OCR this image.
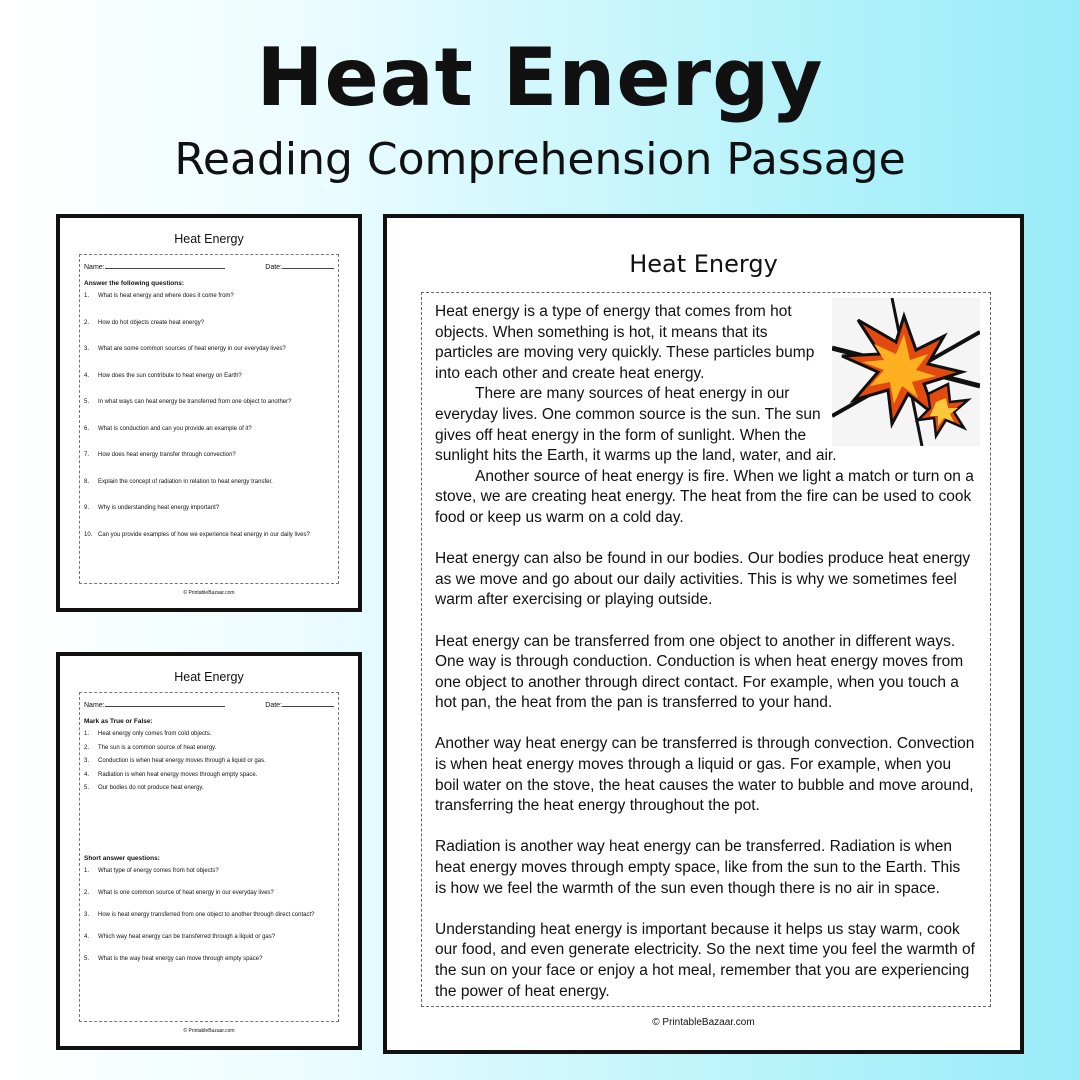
Heat Energy
Reading Comprehension Passage
Heat Energy
Name:	Date:
Answer the following questions:
1.	What is heat energy and where does it come from?
2.	How do hot objects create heat energy?
3.	What are some common sources of heat energy in our everyday lives?
4.	How does the sun contribute to heat energy on Earth?
5.	In what ways can heat energy be transferred from one object to another?
6.	What is conduction and can you provide an example of it?
7.	How does heat energy transfer through convection?
8.	Explain the concept of radiation in relation to heat energy transfer.
9.	Why is understanding heat energy important?
10. Can you provide examples of how we experience heat energy in our daily lives?
© PrintableBazaar.com
Heat Energy
Name:	Date:
Mark as True or False:
1.	Heat energy only comes from cold objects.
2.	The sun is a common source of heat energy.
3.	Conduction is when heat energy moves through a liquid or gas.
4.	Radiation is when heat energy moves through empty space.
5.	Our bodies do not produce heat energy.
Short answer questions:
1.	What type of energy comes from hot objects?
2.	What is one common source of heat energy in our everyday lives?
3.	How is heat energy transferred from one object to another through direct contact?
4.	Which way heat energy can be transferred through a liquid or gas?
5.	What is the way heat energy can move through empty space?
© PrintableBazaar.com
Heat Energy

Heat energy is a type of energy that comes from hot objects. When something is hot, it means that its particles are moving very quickly. These particles bump into each other and create heat energy.

There are many sources of heat energy in our everyday lives. One common source is the sun. The sun gives off heat energy in the form of sunlight. When the sunlight hits the Earth, it warms up the land, water, and air.

Another source of heat energy is fire. When we light a match or turn on a stove, we are creating heat energy. The heat from the fire can be used to cook food or keep us warm on a cold day.

Heat energy can also be found in our bodies. Our bodies produce heat energy as we move and go about our daily activities. This is why we sometimes feel warm after exercising or playing outside.

Heat energy can be transferred from one object to another in different ways. One way is through conduction. Conduction is when heat energy moves from one object to another through direct contact. For example, when you touch a hot pan, the heat from the pan is transferred to your hand.

Another way heat energy can be transferred is through convection. Convection is when heat energy moves through a liquid or gas. For example, when you boil water on the stove, the heat causes the water to bubble and move around, transferring the heat energy throughout the pot.

Radiation is another way heat energy can be transferred. Radiation is when heat energy moves through empty space, like from the sun to the Earth. This is how we feel the warmth of the sun even though there is no air in space.

Understanding heat energy is important because it helps us stay warm, cook our food, and even generate electricity. So the next time you feel the warmth of the sun on your face or enjoy a hot meal, remember that you are experiencing the power of heat energy.

© PrintableBazaar.com
